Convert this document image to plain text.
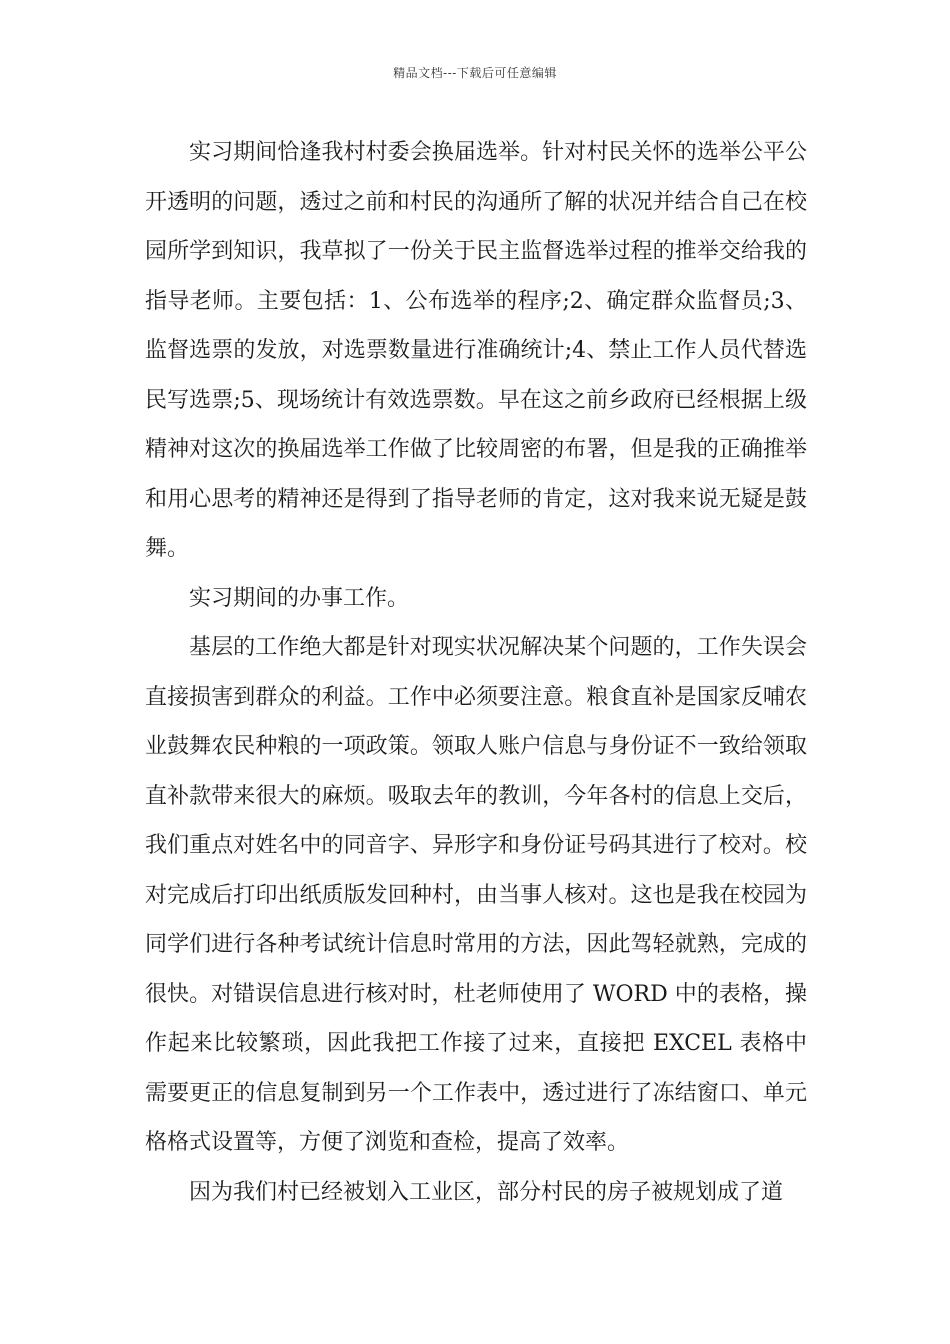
精品文档---下载后可任意编辑

实习期间恰逢我村村委会换届选举。针对村民关怀的选举公平公开透明的问题，透过之前和村民的沟通所了解的状况并结合自己在校园所学到知识，我草拟了一份关于民主监督选举过程的推举交给我的指导老师。主要包括：1、公布选举的程序;2、确定群众监督员;3、监督选票的发放，对选票数量进行准确统计;4、禁止工作人员代替选民写选票;5、现场统计有效选票数。早在这之前乡政府已经根据上级精神对这次的换届选举工作做了比较周密的布署，但是我的正确推举和用心思考的精神还是得到了指导老师的肯定，这对我来说无疑是鼓舞。

实习期间的办事工作。

基层的工作绝大都是针对现实状况解决某个问题的，工作失误会直接损害到群众的利益。工作中必须要注意。粮食直补是国家反哺农业鼓舞农民种粮的一项政策。领取人账户信息与身份证不一致给领取直补款带来很大的麻烦。吸取去年的教训，今年各村的信息上交后，我们重点对姓名中的同音字、异形字和身份证号码其进行了校对。校对完成后打印出纸质版发回种村，由当事人核对。这也是我在校园为同学们进行各种考试统计信息时常用的方法，因此驾轻就熟，完成的很快。对错误信息进行核对时，杜老师使用了 WORD 中的表格，操作起来比较繁琐，因此我把工作接了过来，直接把 EXCEL 表格中需要更正的信息复制到另一个工作表中，透过进行了冻结窗口、单元格格式设置等，方便了浏览和查检，提高了效率。

因为我们村已经被划入工业区，部分村民的房子被规划成了道
